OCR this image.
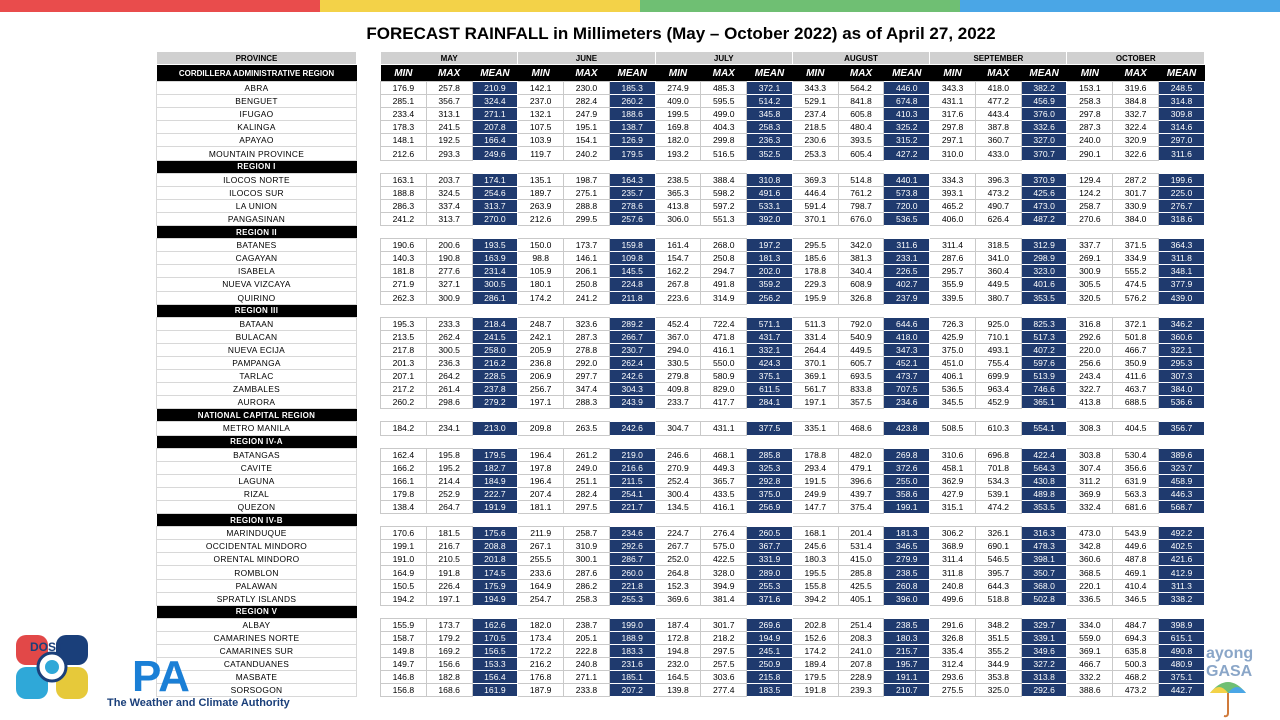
FORECAST RAINFALL in Millimeters (May – October 2022) as of April 27, 2022
PROVINCE		MAY			JUNE			JULY			AUGUST			SEPTEMBER			OCTOBER		
CORDILLERA ADMINISTRATIVE REGION		MIN	MAX	MEAN	MIN	MAX	MEAN	MIN	MAX	MEAN	MIN	MAX	MEAN	MIN	MAX	MEAN	MIN	MAX	MEAN
ABRA		176.9	257.8	210.9	142.1	230.0	185.3	274.9	485.3	372.1	343.3	564.2	446.0	343.3	418.0	382.2	153.1	319.6	248.5
BENGUET		285.1	356.7	324.4	237.0	282.4	260.2	409.0	595.5	514.2	529.1	841.8	674.8	431.1	477.2	456.9	258.3	384.8	314.8
IFUGAO		233.4	313.1	271.1	132.1	247.9	188.6	199.5	499.0	345.8	237.4	605.8	410.3	317.6	443.4	376.0	297.8	332.7	309.8
KALINGA		178.3	241.5	207.8	107.5	195.1	138.7	169.8	404.3	258.3	218.5	480.4	325.2	297.8	387.8	332.6	287.3	322.4	314.6
APAYAO		148.1	192.5	166.4	103.9	154.1	126.9	182.0	299.8	236.3	230.6	393.5	315.2	297.1	360.7	327.0	240.0	320.9	297.0
MOUNTAIN PROVINCE		212.6	293.3	249.6	119.7	240.2	179.5	193.2	516.5	352.5	253.3	605.4	427.2	310.0	433.0	370.7	290.1	322.6	311.6
REGION I																			
ILOCOS NORTE		163.1	203.7	174.1	135.1	198.7	164.3	238.5	388.4	310.8	369.3	514.8	440.1	334.3	396.3	370.9	129.4	287.2	199.6
ILOCOS SUR		188.8	324.5	254.6	189.7	275.1	235.7	365.3	598.2	491.6	446.4	761.2	573.8	393.1	473.2	425.6	124.2	301.7	225.0
LA UNION		286.3	337.4	313.7	263.9	288.8	278.6	413.8	597.2	533.1	591.4	798.7	720.0	465.2	490.7	473.0	258.7	330.9	276.7
PANGASINAN		241.2	313.7	270.0	212.6	299.5	257.6	306.0	551.3	392.0	370.1	676.0	536.5	406.0	626.4	487.2	270.6	384.0	318.6
REGION II																			
BATANES		190.6	200.6	193.5	150.0	173.7	159.8	161.4	268.0	197.2	295.5	342.0	311.6	311.4	318.5	312.9	337.7	371.5	364.3
CAGAYAN		140.3	190.8	163.9	98.8	146.1	109.8	154.7	250.8	181.3	185.6	381.3	233.1	287.6	341.0	298.9	269.1	334.9	311.8
ISABELA		181.8	277.6	231.4	105.9	206.1	145.5	162.2	294.7	202.0	178.8	340.4	226.5	295.7	360.4	323.0	300.9	555.2	348.1
NUEVA VIZCAYA		271.9	327.1	300.5	180.1	250.8	224.8	267.8	491.8	359.2	229.3	608.9	402.7	355.9	449.5	401.6	305.5	474.5	377.9
QUIRINO		262.3	300.9	286.1	174.2	241.2	211.8	223.6	314.9	256.2	195.9	326.8	237.9	339.5	380.7	353.5	320.5	576.2	439.0
REGION III																			
BATAAN		195.3	233.3	218.4	248.7	323.6	289.2	452.4	722.4	571.1	511.3	792.0	644.6	726.3	925.0	825.3	316.8	372.1	346.2
BULACAN		213.5	262.4	241.5	242.1	287.3	266.7	367.0	471.8	431.7	331.4	540.9	418.0	425.9	710.1	517.3	292.6	501.8	360.6
NUEVA ECIJA		217.8	300.5	258.0	205.9	278.8	230.7	294.0	416.1	332.1	264.4	449.5	347.3	375.0	493.1	407.2	220.0	466.7	322.1
PAMPANGA		201.3	236.3	216.2	236.8	292.0	262.4	330.5	550.0	424.3	370.1	605.7	452.1	451.0	755.4	597.6	256.6	350.9	295.3
TARLAC		207.1	264.2	228.5	206.9	297.7	242.6	279.8	580.9	375.1	369.1	693.5	473.7	406.1	699.9	513.9	243.4	411.6	307.3
ZAMBALES		217.2	261.4	237.8	256.7	347.4	304.3	409.8	829.0	611.5	561.7	833.8	707.5	536.5	963.4	746.6	322.7	463.7	384.0
AURORA		260.2	298.6	279.2	197.1	288.3	243.9	233.7	417.7	284.1	197.1	357.5	234.6	345.5	452.9	365.1	413.8	688.5	536.6
NATIONAL CAPITAL REGION																			
METRO MANILA		184.2	234.1	213.0	209.8	263.5	242.6	304.7	431.1	377.5	335.1	468.6	423.8	508.5	610.3	554.1	308.3	404.5	356.7
REGION IV-A																			
BATANGAS		162.4	195.8	179.5	196.4	261.2	219.0	246.6	468.1	285.8	178.8	482.0	269.8	310.6	696.8	422.4	303.8	530.4	389.6
CAVITE		166.2	195.2	182.7	197.8	249.0	216.6	270.9	449.3	325.3	293.4	479.1	372.6	458.1	701.8	564.3	307.4	356.6	323.7
LAGUNA		166.1	214.4	184.9	196.4	251.1	211.5	252.4	365.7	292.8	191.5	396.6	255.0	362.9	534.3	430.8	311.2	631.9	458.9
RIZAL		179.8	252.9	222.7	207.4	282.4	254.1	300.4	433.5	375.0	249.9	439.7	358.6	427.9	539.1	489.8	369.9	563.3	446.3
QUEZON		138.4	264.7	191.9	181.1	297.5	221.7	134.5	416.1	256.9	147.7	375.4	199.1	315.1	474.2	353.5	332.4	681.6	568.7
REGION IV-B																			
MARINDUQUE		170.6	181.5	175.6	211.9	258.7	234.6	224.7	276.4	260.5	168.1	201.4	181.3	306.2	326.1	316.3	473.0	543.9	492.2
OCCIDENTAL MINDORO		199.1	216.7	208.8	267.1	310.9	292.6	267.7	575.0	367.7	245.6	531.4	346.5	368.9	690.1	478.3	342.8	449.6	402.5
ORENTAL MINDORO		191.0	210.5	201.8	255.5	300.1	286.7	252.0	422.5	331.9	180.3	415.0	279.9	311.4	546.5	398.1	360.6	487.8	421.6
ROMBLON		164.9	191.8	174.5	233.6	287.6	260.0	264.8	328.0	289.0	195.5	285.8	238.5	311.8	395.7	350.7	368.5	469.1	412.9
PALAWAN		150.5	226.4	175.9	164.9	286.2	221.8	152.3	394.9	255.3	155.8	425.5	260.8	240.8	644.3	368.0	220.1	410.4	311.3
SPRATLY ISLANDS		194.2	197.1	194.9	254.7	258.3	255.3	369.6	381.4	371.6	394.2	405.1	396.0	499.6	518.8	502.8	336.5	346.5	338.2
REGION V																			
ALBAY		155.9	173.7	162.6	182.0	238.7	199.0	187.4	301.7	269.6	202.8	251.4	238.5	291.6	348.2	329.7	334.0	484.7	398.9
CAMARINES NORTE		158.7	179.2	170.5	173.4	205.1	188.9	172.8	218.2	194.9	152.6	208.3	180.3	326.8	351.5	339.1	559.0	694.3	615.1
CAMARINES SUR		149.8	169.2	156.5	172.2	222.8	183.3	194.8	297.5	245.1	174.2	241.0	215.7	335.4	355.2	349.6	369.1	635.8	490.8
CATANDUANES		149.7	156.6	153.3	216.2	240.8	231.6	232.0	257.5	250.9	189.4	207.8	195.7	312.4	344.9	327.2	466.7	500.3	480.9
MASBATE		146.8	182.8	156.4	176.8	271.1	185.1	164.5	303.6	215.8	179.5	228.9	191.1	293.6	353.8	313.8	332.2	468.2	375.1
SORSOGON		156.8	168.6	161.9	187.9	233.8	207.2	139.8	277.4	183.5	191.8	239.3	210.7	275.5	325.0	292.6	388.6	473.2	442.7
DOST
PA
The Weather and Climate Authority
ayong
GASA
